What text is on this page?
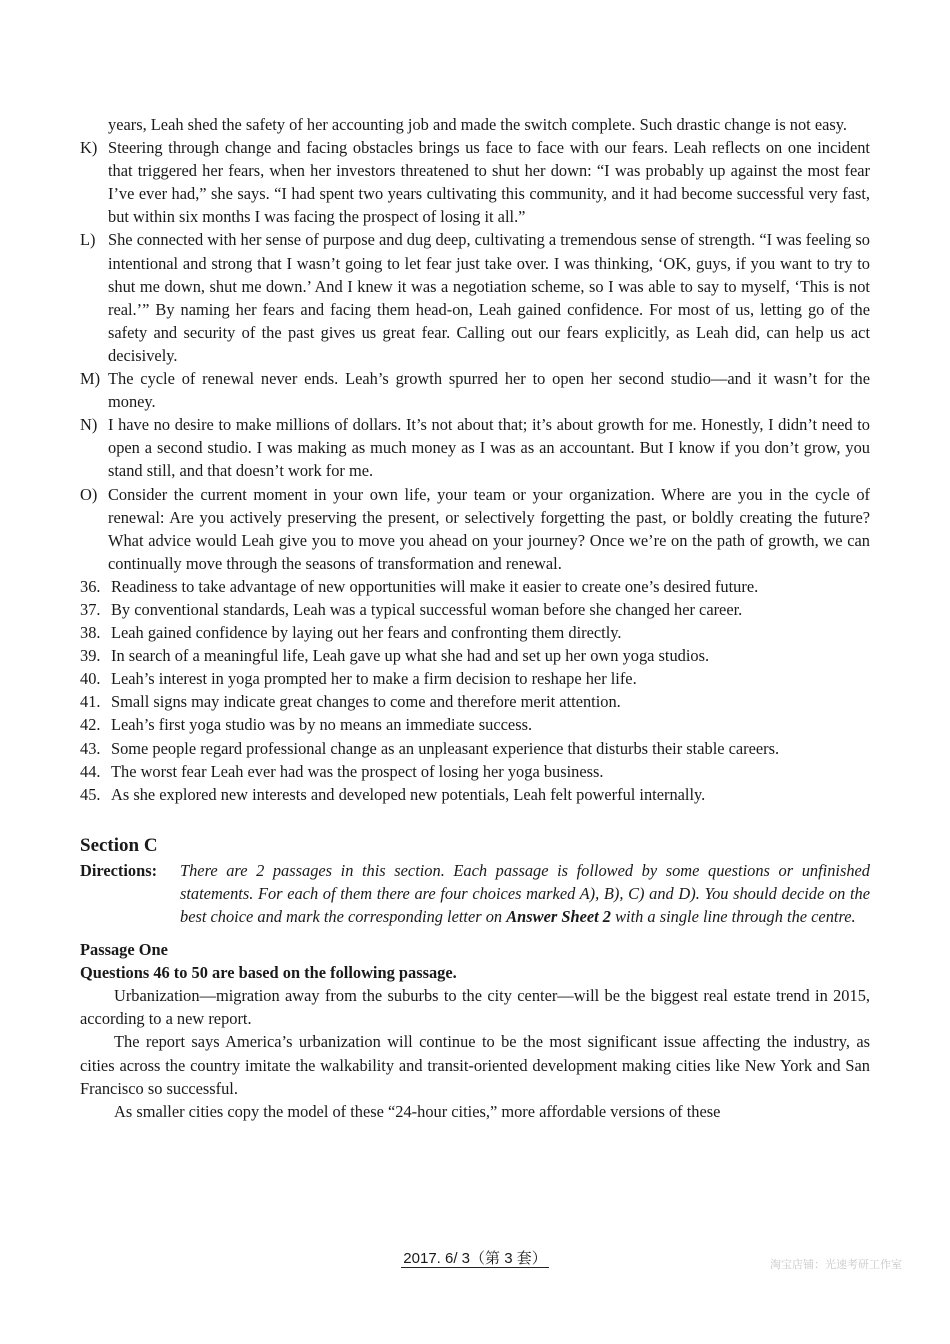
years, Leah shed the safety of her accounting job and made the switch complete. Such drastic change is not easy.
K) Steering through change and facing obstacles brings us face to face with our fears. Leah reflects on one incident that triggered her fears, when her investors threatened to shut her down: “I was probably up against the most fear I’ve ever had,” she says. “I had spent two years cultivating this community, and it had become successful very fast, but within six months I was facing the prospect of losing it all.”
L) She connected with her sense of purpose and dug deep, cultivating a tremendous sense of strength. “I was feeling so intentional and strong that I wasn’t going to let fear just take over. I was thinking, ‘OK, guys, if you want to try to shut me down, shut me down.’ And I knew it was a negotiation scheme, so I was able to say to myself, ‘This is not real.’” By naming her fears and facing them head-on, Leah gained confidence. For most of us, letting go of the safety and security of the past gives us great fear. Calling out our fears explicitly, as Leah did, can help us act decisively.
M) The cycle of renewal never ends. Leah’s growth spurred her to open her second studio—and it wasn’t for the money.
N) I have no desire to make millions of dollars. It’s not about that; it’s about growth for me. Honestly, I didn’t need to open a second studio. I was making as much money as I was as an accountant. But I know if you don’t grow, you stand still, and that doesn’t work for me.
O) Consider the current moment in your own life, your team or your organization. Where are you in the cycle of renewal: Are you actively preserving the present, or selectively forgetting the past, or boldly creating the future? What advice would Leah give you to move you ahead on your journey? Once we’re on the path of growth, we can continually move through the seasons of transformation and renewal.
36. Readiness to take advantage of new opportunities will make it easier to create one’s desired future.
37. By conventional standards, Leah was a typical successful woman before she changed her career.
38. Leah gained confidence by laying out her fears and confronting them directly.
39. In search of a meaningful life, Leah gave up what she had and set up her own yoga studios.
40. Leah’s interest in yoga prompted her to make a firm decision to reshape her life.
41. Small signs may indicate great changes to come and therefore merit attention.
42. Leah’s first yoga studio was by no means an immediate success.
43. Some people regard professional change as an unpleasant experience that disturbs their stable careers.
44. The worst fear Leah ever had was the prospect of losing her yoga business.
45. As she explored new interests and developed new potentials, Leah felt powerful internally.
Section C
Directions:	There are 2 passages in this section. Each passage is followed by some questions or unfinished statements. For each of them there are four choices marked A), B), C) and D). You should decide on the best choice and mark the corresponding letter on Answer Sheet 2 with a single line through the centre.
Passage One
Questions 46 to 50 are based on the following passage.
Urbanization—migration away from the suburbs to the city center—will be the biggest real estate trend in 2015, according to a new report.
The report says America’s urbanization will continue to be the most significant issue affecting the industry, as cities across the country imitate the walkability and transit-oriented development making cities like New York and San Francisco so successful.
As smaller cities copy the model of these “24-hour cities,” more affordable versions of these
2017. 6/ 3（第 3 套）	淘宝店铺：光速考研工作室
